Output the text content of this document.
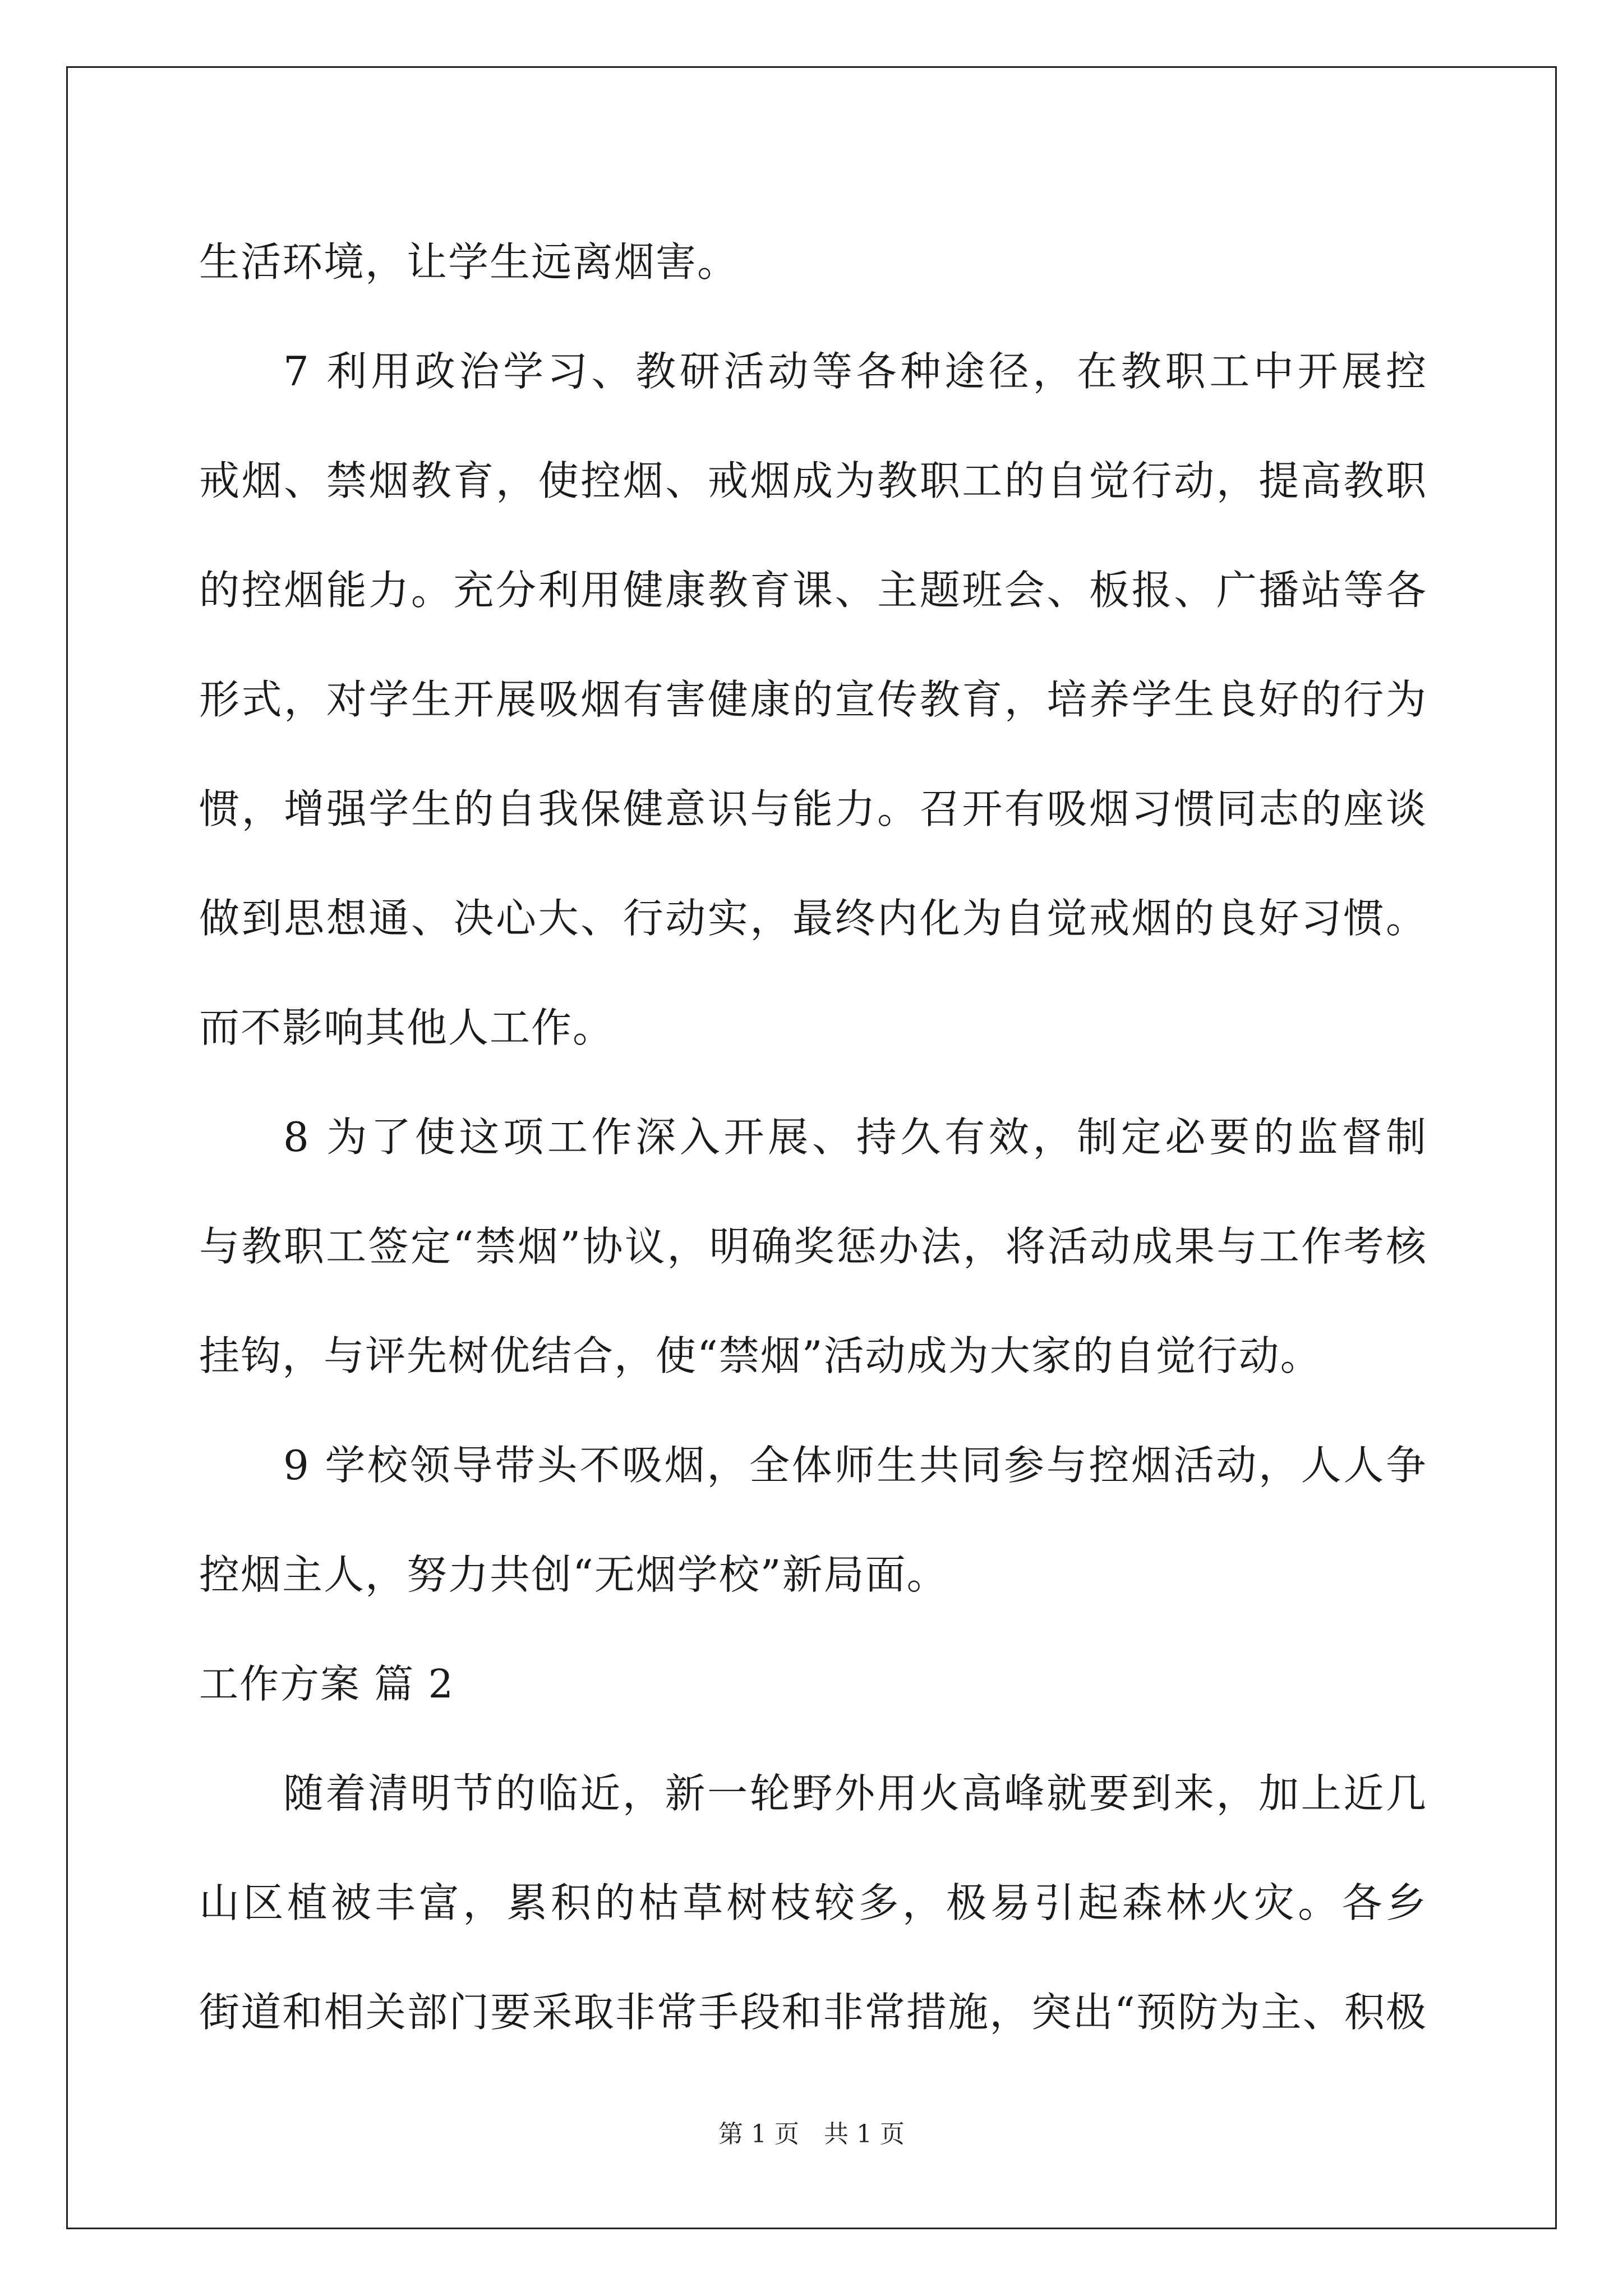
生活环境，让学生远离烟害。
7 利用政治学习、教研活动等各种途径，在教职工中开展控
戒烟、禁烟教育，使控烟、戒烟成为教职工的自觉行动，提高教职
的控烟能力。充分利用健康教育课、主题班会、板报、广播站等各
形式，对学生开展吸烟有害健康的宣传教育，培养学生良好的行为
惯，增强学生的自我保健意识与能力。召开有吸烟习惯同志的座谈
做到思想通、决心大、行动实，最终内化为自觉戒烟的良好习惯。
而不影响其他人工作。
8 为了使这项工作深入开展、持久有效，制定必要的监督制
与教职工签定“禁烟”协议，明确奖惩办法，将活动成果与工作考核
挂钩，与评先树优结合，使“禁烟”活动成为大家的自觉行动。
9 学校领导带头不吸烟，全体师生共同参与控烟活动，人人争
控烟主人，努力共创“无烟学校”新局面。
工作方案 篇 2
随着清明节的临近，新一轮野外用火高峰就要到来，加上近几
山区植被丰富，累积的枯草树枝较多，极易引起森林火灾。各乡
街道和相关部门要采取非常手段和非常措施，突出“预防为主、积极
第 1 页　共 1 页
